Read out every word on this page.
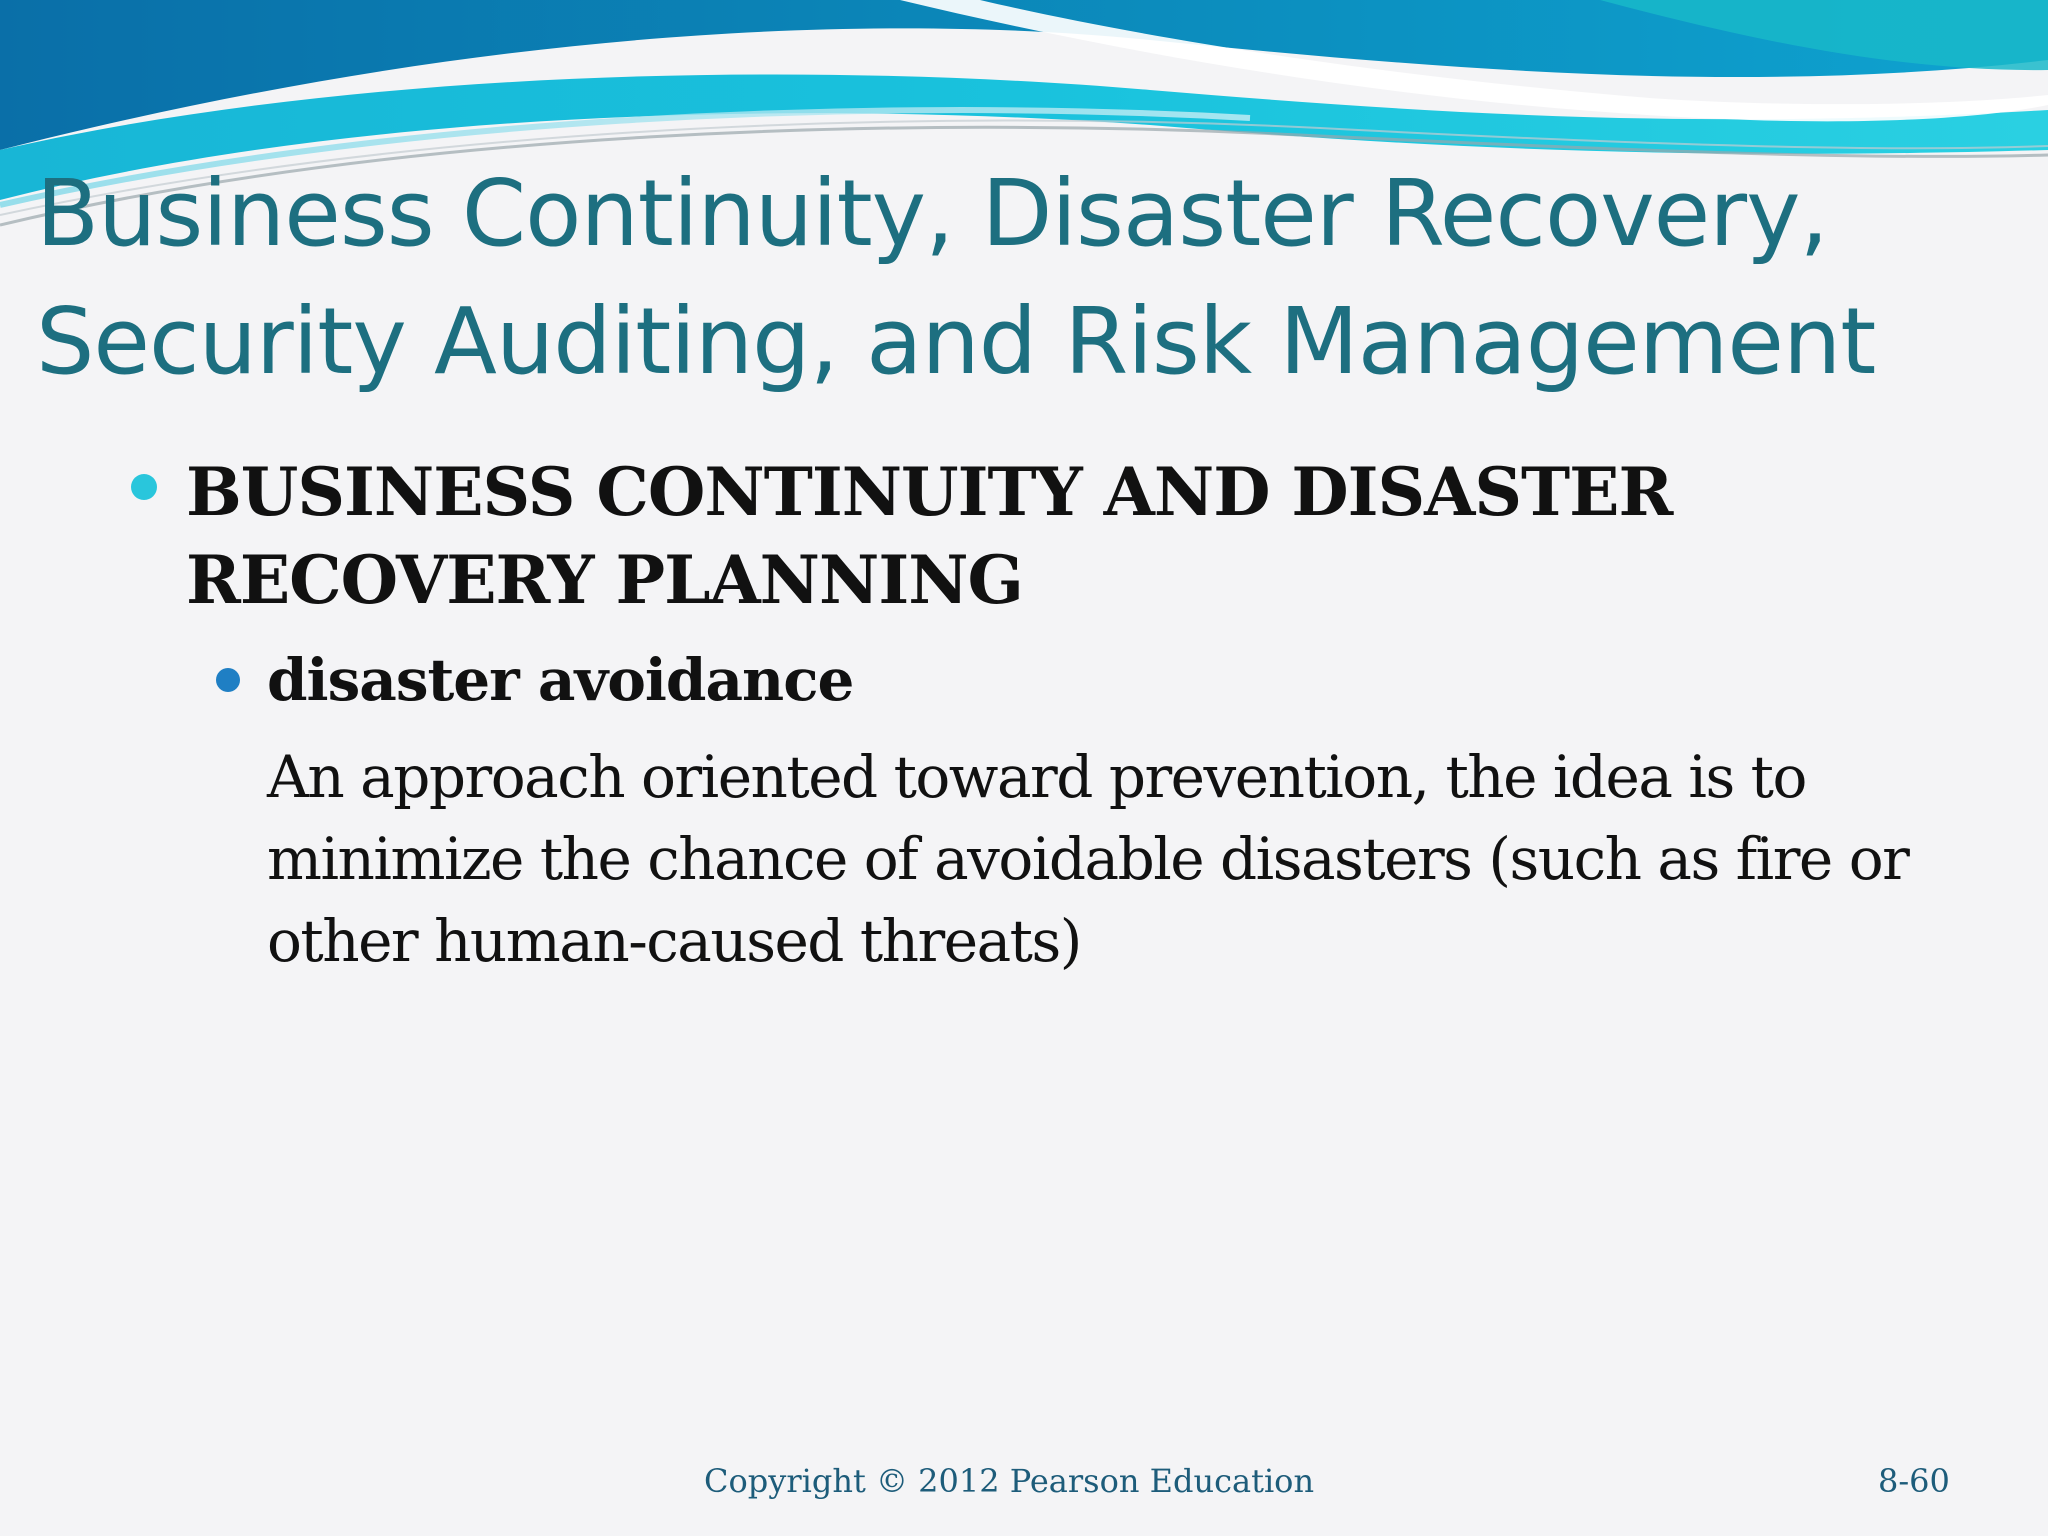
Business Continuity, Disaster Recovery, Security Auditing, and Risk Management
BUSINESS CONTINUITY AND DISASTER RECOVERY PLANNING
disaster avoidance

An approach oriented toward prevention, the idea is to minimize the chance of avoidable disasters (such as fire or other human-caused threats)

Copyright © 2012 Pearson Education	8-60
